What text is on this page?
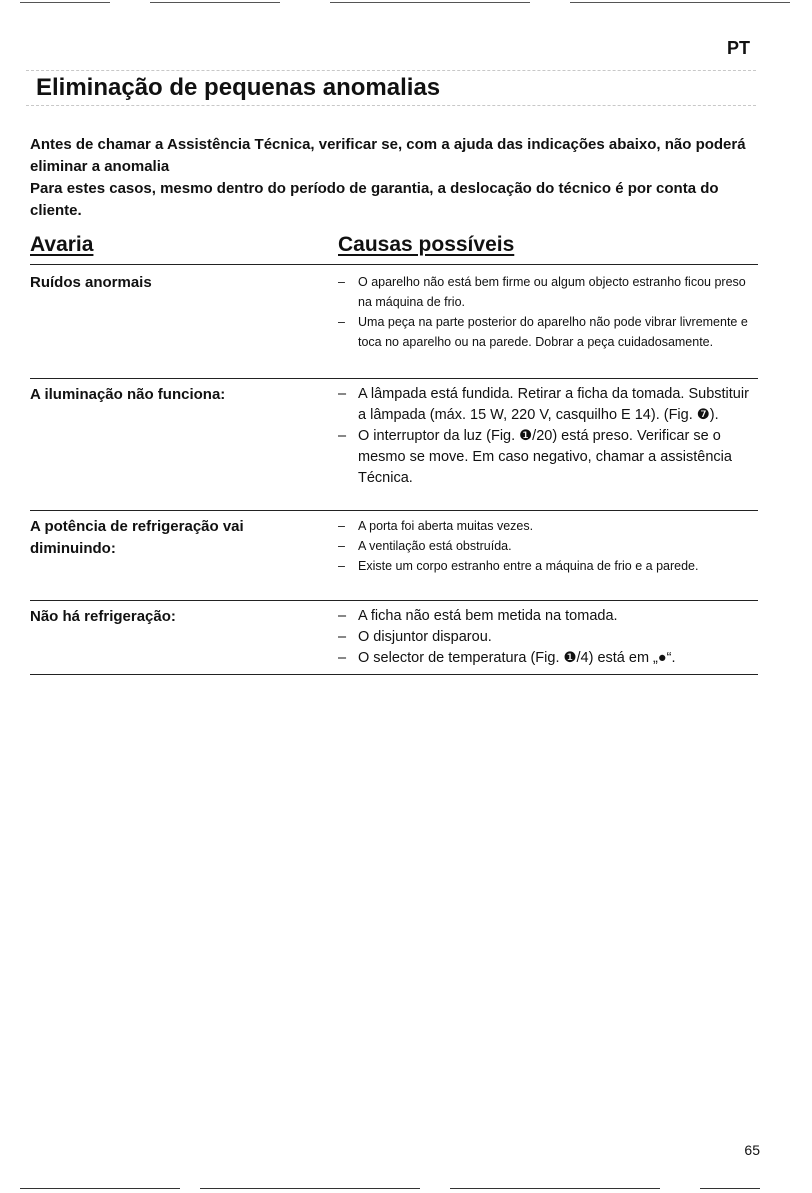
PT
Eliminação de pequenas anomalias

Antes de chamar a Assistência Técnica, verificar se, com a ajuda das indicações abaixo, não poderá eliminar a anomalia

Para estes casos, mesmo dentro do período de garantia, a deslocação do técnico é por conta do cliente.

Avaria	Causas possíveis
Ruídos anormais	– O aparelho não está bem firme ou algum objecto estranho ficou preso na máquina de frio.
– Uma peça na parte posterior do aparelho não pode vibrar livremente e toca no aparelho ou na parede. Dobrar a peça cuidadosamente.
A iluminação não funciona:	– A lâmpada está fundida. Retirar a ficha da tomada. Substituir a lâmpada (máx. 15 W, 220 V, casquilho E 14). (Fig. ❼).
– O interruptor da luz (Fig. ❶/20) está preso. Verificar se o mesmo se move. Em caso negativo, chamar a assistência Técnica.
A potência de refrigeração vai diminuindo:
– A porta foi aberta muitas vezes.
– A ventilação está obstruída.
– Existe um corpo estranho entre a máquina de frio e a parede.
Não há refrigeração:	– A ficha não está bem metida na tomada.
– O disjuntor disparou.
– O selector de temperatura (Fig. ❶/4) está em „●“.
65
